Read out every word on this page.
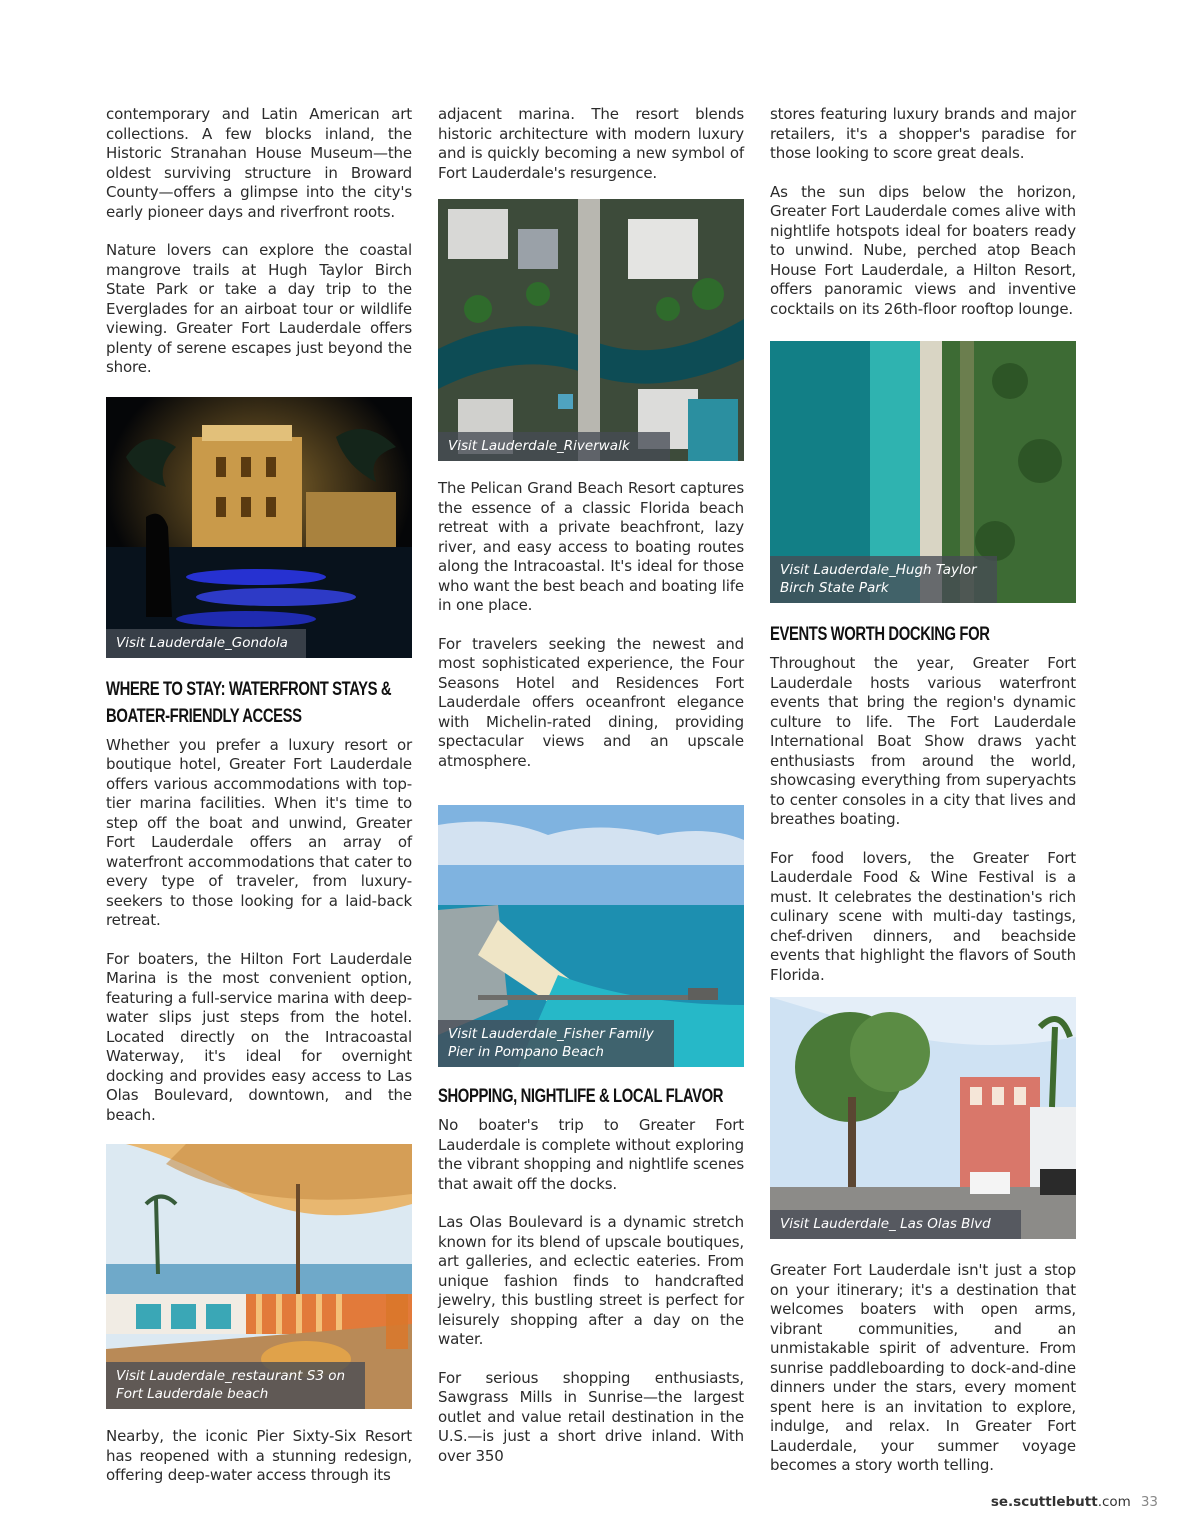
contemporary and Latin American art collections. A few blocks inland, the Historic Stranahan House Museum—the oldest surviving structure in Broward County—offers a glimpse into the city's early pioneer days and riverfront roots.

Nature lovers can explore the coastal mangrove trails at Hugh Taylor Birch State Park or take a day trip to the Everglades for an airboat tour or wildlife viewing. Greater Fort Lauderdale offers plenty of serene escapes just beyond the shore.

Visit Lauderdale_Gondola
WHERE TO STAY: WATERFRONT STAYS & BOATER-FRIENDLY ACCESS

Whether you prefer a luxury resort or boutique hotel, Greater Fort Lauderdale offers various accommodations with top-tier marina facilities. When it's time to step off the boat and unwind, Greater Fort Lauderdale offers an array of waterfront accommodations that cater to every type of traveler, from luxury-seekers to those looking for a laid-back retreat.

For boaters, the Hilton Fort Lauderdale Marina is the most convenient option, featuring a full-service marina with deep-water slips just steps from the hotel. Located directly on the Intracoastal Waterway, it's ideal for overnight docking and provides easy access to Las Olas Boulevard, downtown, and the beach.

Visit Lauderdale_restaurant S3 on
Fort Lauderdale beach

Nearby, the iconic Pier Sixty-Six Resort has reopened with a stunning redesign, offering deep-water access through its

adjacent marina. The resort blends historic architecture with modern luxury and is quickly becoming a new symbol of Fort Lauderdale's resurgence.

Visit Lauderdale_Riverwalk

The Pelican Grand Beach Resort captures the essence of a classic Florida beach retreat with a private beachfront, lazy river, and easy access to boating routes along the Intracoastal. It's ideal for those who want the best beach and boating life in one place.

For travelers seeking the newest and most sophisticated experience, the Four Seasons Hotel and Residences Fort Lauderdale offers oceanfront elegance with Michelin-rated dining, providing spectacular views and an upscale atmosphere.

Visit Lauderdale_Fisher Family
Pier in Pompano Beach
SHOPPING, NIGHTLIFE & LOCAL FLAVOR

No boater's trip to Greater Fort Lauderdale is complete without exploring the vibrant shopping and nightlife scenes that await off the docks.

Las Olas Boulevard is a dynamic stretch known for its blend of upscale boutiques, art galleries, and eclectic eateries. From unique fashion finds to handcrafted jewelry, this bustling street is perfect for leisurely shopping after a day on the water.

For serious shopping enthusiasts, Sawgrass Mills in Sunrise—the largest outlet and value retail destination in the U.S.—is just a short drive inland. With over 350

stores featuring luxury brands and major retailers, it's a shopper's paradise for those looking to score great deals.

As the sun dips below the horizon, Greater Fort Lauderdale comes alive with nightlife hotspots ideal for boaters ready to unwind. Nube, perched atop Beach House Fort Lauderdale, a Hilton Resort, offers panoramic views and inventive cocktails on its 26th-floor rooftop lounge.

Visit Lauderdale_Hugh Taylor
Birch State Park
EVENTS WORTH DOCKING FOR

Throughout the year, Greater Fort Lauderdale hosts various waterfront events that bring the region's dynamic culture to life. The Fort Lauderdale International Boat Show draws yacht enthusiasts from around the world, showcasing everything from superyachts to center consoles in a city that lives and breathes boating.

For food lovers, the Greater Fort Lauderdale Food & Wine Festival is a must. It celebrates the destination's rich culinary scene with multi-day tastings, chef-driven dinners, and beachside events that highlight the flavors of South Florida.

Visit Lauderdale_ Las Olas Blvd

Greater Fort Lauderdale isn't just a stop on your itinerary; it's a destination that welcomes boaters with open arms, vibrant communities, and an unmistakable spirit of adventure. From sunrise paddleboarding to dock-and-dine dinners under the stars, every moment spent here is an invitation to explore, indulge, and relax. In Greater Fort Lauderdale, your summer voyage becomes a story worth telling.

se.scuttlebutt.com 33
